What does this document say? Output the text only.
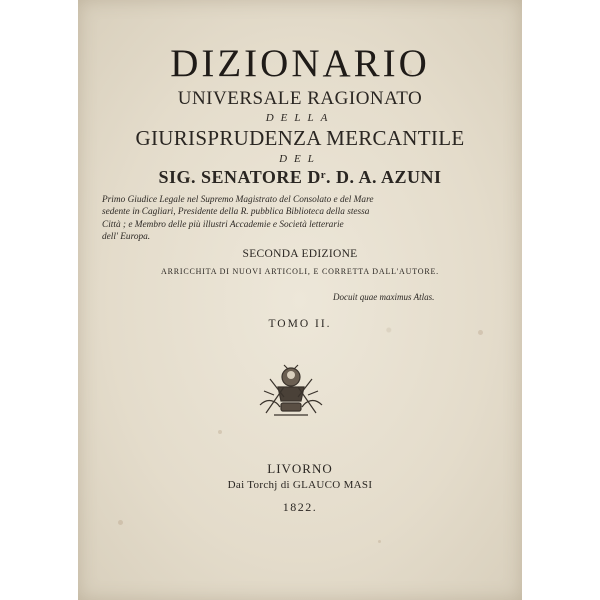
DIZIONARIO
UNIVERSALE RAGIONATO
DELLA
GIURISPRUDENZA MERCANTILE
DEL
SIG. SENATORE Dʳ. D. A. AZUNI
Primo Giudice Legale nel Supremo Magistrato del Consolato e del Mare
sedente in Cagliari, Presidente della R. pubblica Biblioteca della stessa
Città ; e Membro delle più illustri Accademie e Società letterarie
dell' Europa.
SECONDA EDIZIONE
ARRICCHITA DI NUOVI ARTICOLI, E CORRETTA DALL'AUTORE.
Docuit quae maximus Atlas.
TOMO II.
LIVORNO
Dai Torchj di GLAUCO MASI
1822.
